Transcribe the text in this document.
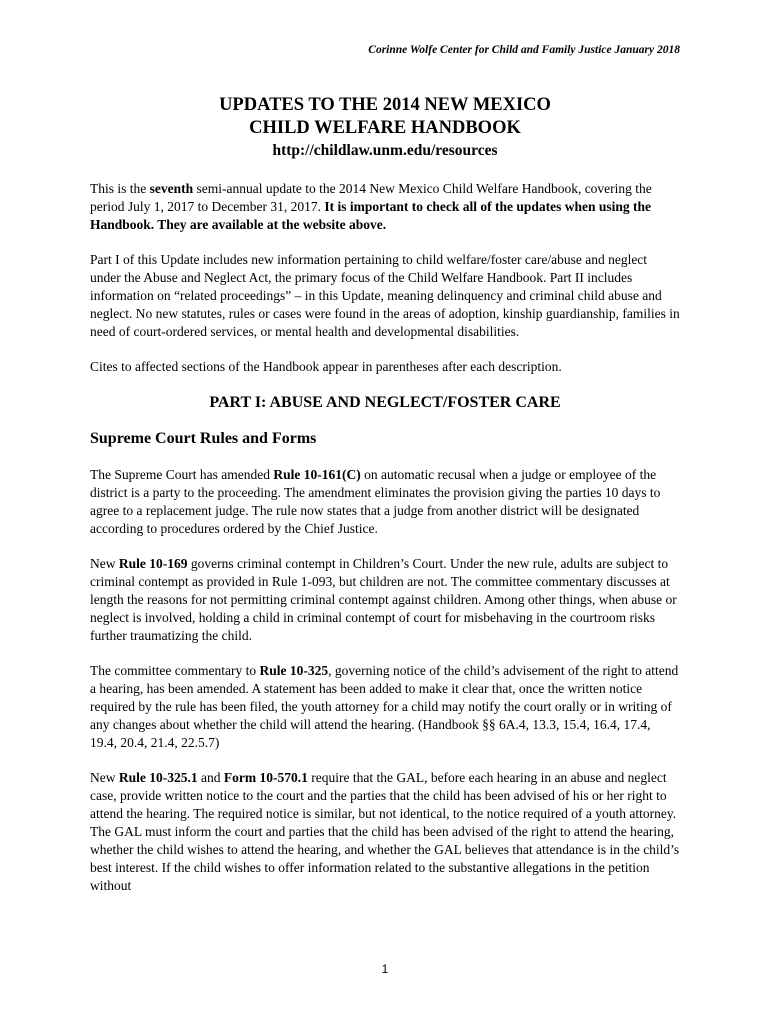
Corinne Wolfe Center for Child and Family Justice January 2018
UPDATES TO THE 2014 NEW MEXICO
CHILD WELFARE HANDBOOK
http://childlaw.unm.edu/resources

This is the seventh semi-annual update to the 2014 New Mexico Child Welfare Handbook, covering the period July 1, 2017 to December 31, 2017. It is important to check all of the updates when using the Handbook. They are available at the website above.

Part I of this Update includes new information pertaining to child welfare/foster care/abuse and neglect under the Abuse and Neglect Act, the primary focus of the Child Welfare Handbook. Part II includes information on “related proceedings” – in this Update, meaning delinquency and criminal child abuse and neglect. No new statutes, rules or cases were found in the areas of adoption, kinship guardianship, families in need of court-ordered services, or mental health and developmental disabilities.

Cites to affected sections of the Handbook appear in parentheses after each description.

PART I: ABUSE AND NEGLECT/FOSTER CARE
Supreme Court Rules and Forms

The Supreme Court has amended Rule 10-161(C) on automatic recusal when a judge or employee of the district is a party to the proceeding. The amendment eliminates the provision giving the parties 10 days to agree to a replacement judge. The rule now states that a judge from another district will be designated according to procedures ordered by the Chief Justice.

New Rule 10-169 governs criminal contempt in Children’s Court. Under the new rule, adults are subject to criminal contempt as provided in Rule 1-093, but children are not. The committee commentary discusses at length the reasons for not permitting criminal contempt against children. Among other things, when abuse or neglect is involved, holding a child in criminal contempt of court for misbehaving in the courtroom risks further traumatizing the child.

The committee commentary to Rule 10-325, governing notice of the child’s advisement of the right to attend a hearing, has been amended. A statement has been added to make it clear that, once the written notice required by the rule has been filed, the youth attorney for a child may notify the court orally or in writing of any changes about whether the child will attend the hearing. (Handbook §§ 6A.4, 13.3, 15.4, 16.4, 17.4, 19.4, 20.4, 21.4, 22.5.7)

New Rule 10-325.1 and Form 10-570.1 require that the GAL, before each hearing in an abuse and neglect case, provide written notice to the court and the parties that the child has been advised of his or her right to attend the hearing. The required notice is similar, but not identical, to the notice required of a youth attorney. The GAL must inform the court and parties that the child has been advised of the right to attend the hearing, whether the child wishes to attend the hearing, and whether the GAL believes that attendance is in the child’s best interest. If the child wishes to offer information related to the substantive allegations in the petition without

1
